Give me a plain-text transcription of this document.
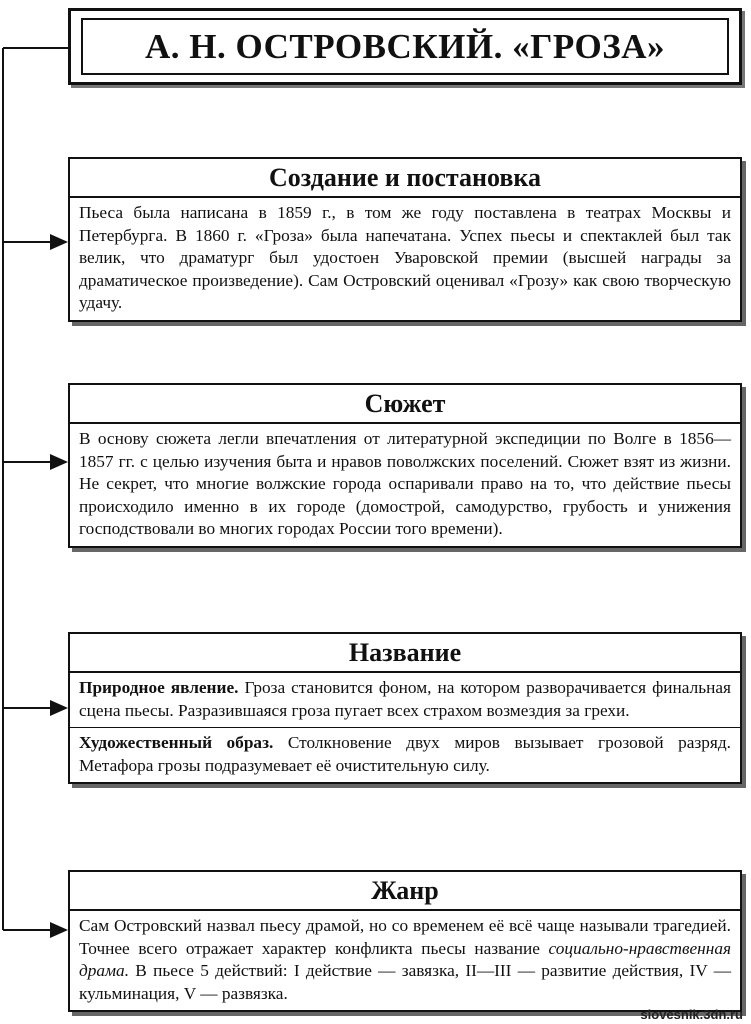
А. Н. ОСТРОВСКИЙ. «ГРОЗА»
Создание и постановка
Пьеса была написана в 1859 г., в том же году поставлена в театрах Москвы и Петербурга. В 1860 г. «Гроза» была напечатана. Успех пьесы и спектаклей был так велик, что драматург был удостоен Уваровской премии (высшей награды за драматическое произведение). Сам Островский оценивал «Грозу» как свою творческую удачу.
Сюжет
В основу сюжета легли впечатления от литературной экспедиции по Волге в 1856—1857 гг. с целью изучения быта и нравов поволжских поселений. Сюжет взят из жизни. Не секрет, что многие волжские города оспаривали право на то, что действие пьесы происходило именно в их городе (домострой, самодурство, грубость и унижения господствовали во многих городах России того времени).
Название
Природное явление. Гроза становится фоном, на котором разворачивается финальная сцена пьесы. Разразившаяся гроза пугает всех страхом возмездия за грехи.
Художественный образ. Столкновение двух миров вызывает грозовой разряд. Метафора грозы подразумевает её очистительную силу.
Жанр
Сам Островский назвал пьесу драмой, но со временем её всё чаще называли трагедией. Точнее всего отражает характер конфликта пьесы название социально-нравственная драма. В пьесе 5 действий: I действие — завязка, II—III — развитие действия, IV — кульминация, V — развязка.
slovesnik.3dn.ru
